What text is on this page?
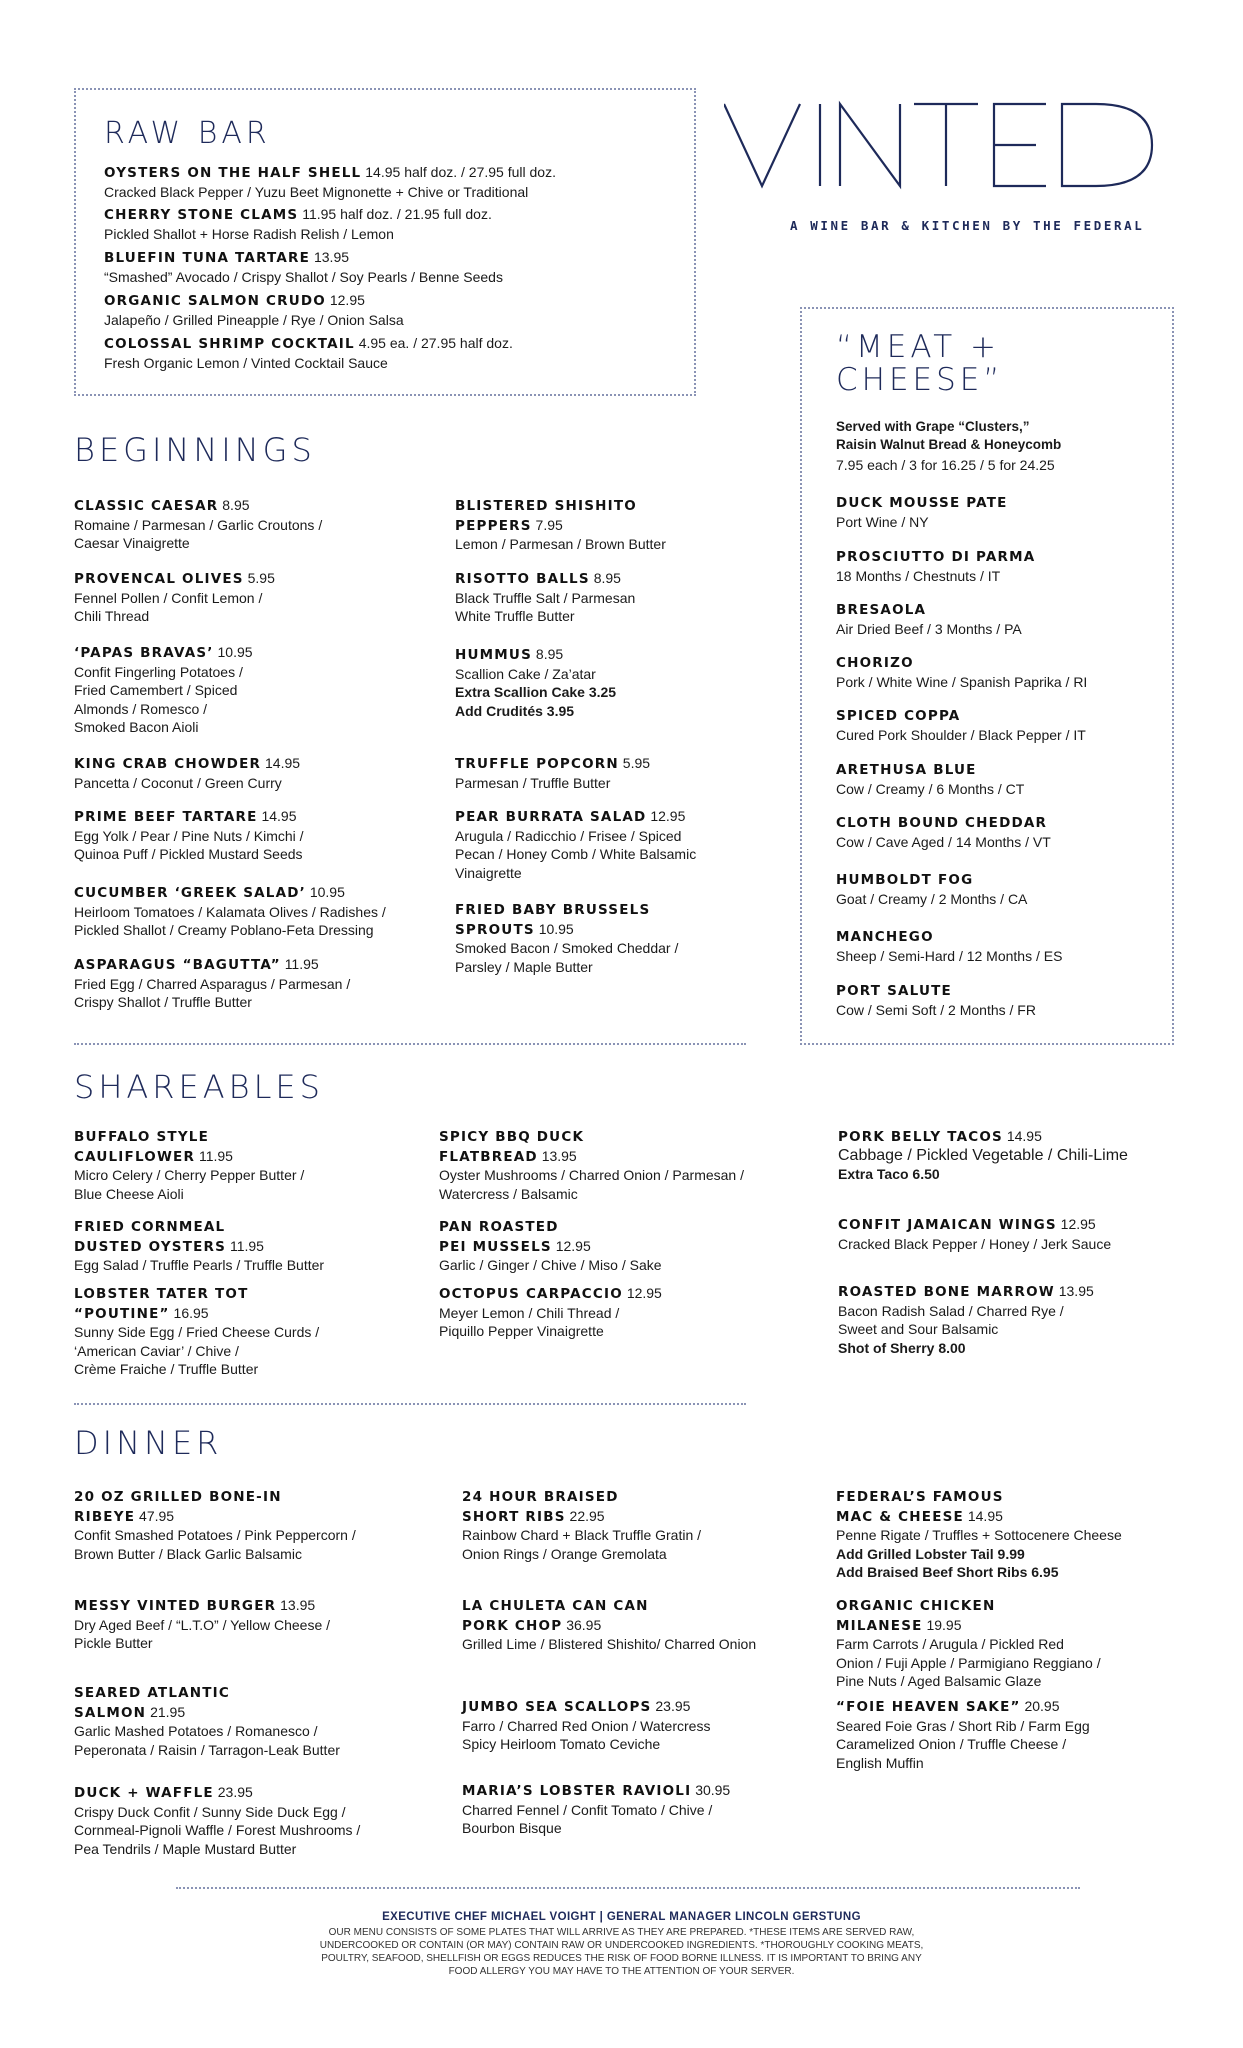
RAW BAR
OYSTERS ON THE HALF SHELL 14.95 half doz. / 27.95 full doz.
Cracked Black Pepper / Yuzu Beet Mignonette + Chive or Traditional
CHERRY STONE CLAMS 11.95 half doz. / 21.95 full doz.
Pickled Shallot + Horse Radish Relish / Lemon
BLUEFIN TUNA TARTARE 13.95
“Smashed” Avocado / Crispy Shallot / Soy Pearls / Benne Seeds
ORGANIC SALMON CRUDO 12.95
Jalapeño / Grilled Pineapple / Rye / Onion Salsa
COLOSSAL SHRIMP COCKTAIL 4.95 ea. / 27.95 half doz.
Fresh Organic Lemon / Vinted Cocktail Sauce
A WINE BAR & KITCHEN BY THE FEDERAL
“MEAT +
CHEESE”
Served with Grape “Clusters,”
Raisin Walnut Bread & Honeycomb
7.95 each / 3 for 16.25 / 5 for 24.25
DUCK MOUSSE PATE
Port Wine / NY
PROSCIUTTO DI PARMA
18 Months / Chestnuts / IT
BRESAOLA
Air Dried Beef / 3 Months / PA
CHORIZO
Pork / White Wine / Spanish Paprika / RI
SPICED COPPA
Cured Pork Shoulder / Black Pepper / IT
ARETHUSA BLUE
Cow / Creamy / 6 Months / CT
CLOTH BOUND CHEDDAR
Cow / Cave Aged / 14 Months / VT
HUMBOLDT FOG
Goat / Creamy / 2 Months / CA
MANCHEGO
Sheep / Semi-Hard / 12 Months / ES
PORT SALUTE
Cow / Semi Soft / 2 Months / FR
BEGINNINGS
CLASSIC CAESAR 8.95
Romaine / Parmesan / Garlic Croutons /
Caesar Vinaigrette
PROVENCAL OLIVES 5.95
Fennel Pollen / Confit Lemon /
Chili Thread
‘PAPAS BRAVAS’ 10.95
Confit Fingerling Potatoes /
Fried Camembert / Spiced
Almonds / Romesco /
Smoked Bacon Aioli
KING CRAB CHOWDER 14.95
Pancetta / Coconut / Green Curry
PRIME BEEF TARTARE 14.95
Egg Yolk / Pear / Pine Nuts / Kimchi /
Quinoa Puff / Pickled Mustard Seeds
CUCUMBER ‘GREEK SALAD’ 10.95
Heirloom Tomatoes / Kalamata Olives / Radishes /
Pickled Shallot / Creamy Poblano-Feta Dressing
ASPARAGUS “BAGUTTA” 11.95
Fried Egg / Charred Asparagus / Parmesan /
Crispy Shallot / Truffle Butter
BLISTERED SHISHITO
PEPPERS 7.95
Lemon / Parmesan / Brown Butter
RISOTTO BALLS 8.95
Black Truffle Salt / Parmesan
White Truffle Butter
HUMMUS 8.95
Scallion Cake / Za’atar
Extra Scallion Cake 3.25
Add Crudités 3.95
TRUFFLE POPCORN 5.95
Parmesan / Truffle Butter
PEAR BURRATA SALAD 12.95
Arugula / Radicchio / Frisee / Spiced
Pecan / Honey Comb / White Balsamic
Vinaigrette
FRIED BABY BRUSSELS
SPROUTS 10.95
Smoked Bacon / Smoked Cheddar /
Parsley / Maple Butter
SHAREABLES
BUFFALO STYLE
CAULIFLOWER 11.95
Micro Celery / Cherry Pepper Butter /
Blue Cheese Aioli
FRIED CORNMEAL
DUSTED OYSTERS 11.95
Egg Salad / Truffle Pearls / Truffle Butter
LOBSTER TATER TOT
“POUTINE” 16.95
Sunny Side Egg / Fried Cheese Curds /
‘American Caviar’ / Chive /
Crème Fraiche / Truffle Butter
SPICY BBQ DUCK
FLATBREAD 13.95
Oyster Mushrooms / Charred Onion / Parmesan /
Watercress / Balsamic
PAN ROASTED
PEI MUSSELS 12.95
Garlic / Ginger / Chive / Miso / Sake
OCTOPUS CARPACCIO 12.95
Meyer Lemon / Chili Thread /
Piquillo Pepper Vinaigrette
PORK BELLY TACOS 14.95
Cabbage / Pickled Vegetable / Chili-Lime
Extra Taco 6.50
CONFIT JAMAICAN WINGS 12.95
Cracked Black Pepper / Honey / Jerk Sauce
ROASTED BONE MARROW 13.95
Bacon Radish Salad / Charred Rye /
Sweet and Sour Balsamic
Shot of Sherry 8.00
DINNER
20 OZ GRILLED BONE-IN
RIBEYE 47.95
Confit Smashed Potatoes / Pink Peppercorn /
Brown Butter / Black Garlic Balsamic
MESSY VINTED BURGER 13.95
Dry Aged Beef / “L.T.O” / Yellow Cheese /
Pickle Butter
SEARED ATLANTIC
SALMON 21.95
Garlic Mashed Potatoes / Romanesco /
Peperonata / Raisin / Tarragon-Leak Butter
DUCK + WAFFLE 23.95
Crispy Duck Confit / Sunny Side Duck Egg /
Cornmeal-Pignoli Waffle / Forest Mushrooms /
Pea Tendrils / Maple Mustard Butter
24 HOUR BRAISED
SHORT RIBS 22.95
Rainbow Chard + Black Truffle Gratin /
Onion Rings / Orange Gremolata
LA CHULETA CAN CAN
PORK CHOP 36.95
Grilled Lime / Blistered Shishito/ Charred Onion
JUMBO SEA SCALLOPS 23.95
Farro / Charred Red Onion / Watercress
Spicy Heirloom Tomato Ceviche
MARIA’S LOBSTER RAVIOLI 30.95
Charred Fennel / Confit Tomato / Chive /
Bourbon Bisque
FEDERAL’S FAMOUS
MAC & CHEESE 14.95
Penne Rigate / Truffles + Sottocenere Cheese
Add Grilled Lobster Tail 9.99
Add Braised Beef Short Ribs 6.95
ORGANIC CHICKEN
MILANESE 19.95
Farm Carrots / Arugula / Pickled Red
Onion / Fuji Apple / Parmigiano Reggiano /
Pine Nuts / Aged Balsamic Glaze
“FOIE HEAVEN SAKE” 20.95
Seared Foie Gras / Short Rib / Farm Egg
Caramelized Onion / Truffle Cheese /
English Muffin
EXECUTIVE CHEF MICHAEL VOIGHT | GENERAL MANAGER LINCOLN GERSTUNG
OUR MENU CONSISTS OF SOME PLATES THAT WILL ARRIVE AS THEY ARE PREPARED. *THESE ITEMS ARE SERVED RAW,
UNDERCOOKED OR CONTAIN (OR MAY) CONTAIN RAW OR UNDERCOOKED INGREDIENTS. *THOROUGHLY COOKING MEATS,
POULTRY, SEAFOOD, SHELLFISH OR EGGS REDUCES THE RISK OF FOOD BORNE ILLNESS. IT IS IMPORTANT TO BRING ANY
FOOD ALLERGY YOU MAY HAVE TO THE ATTENTION OF YOUR SERVER.
